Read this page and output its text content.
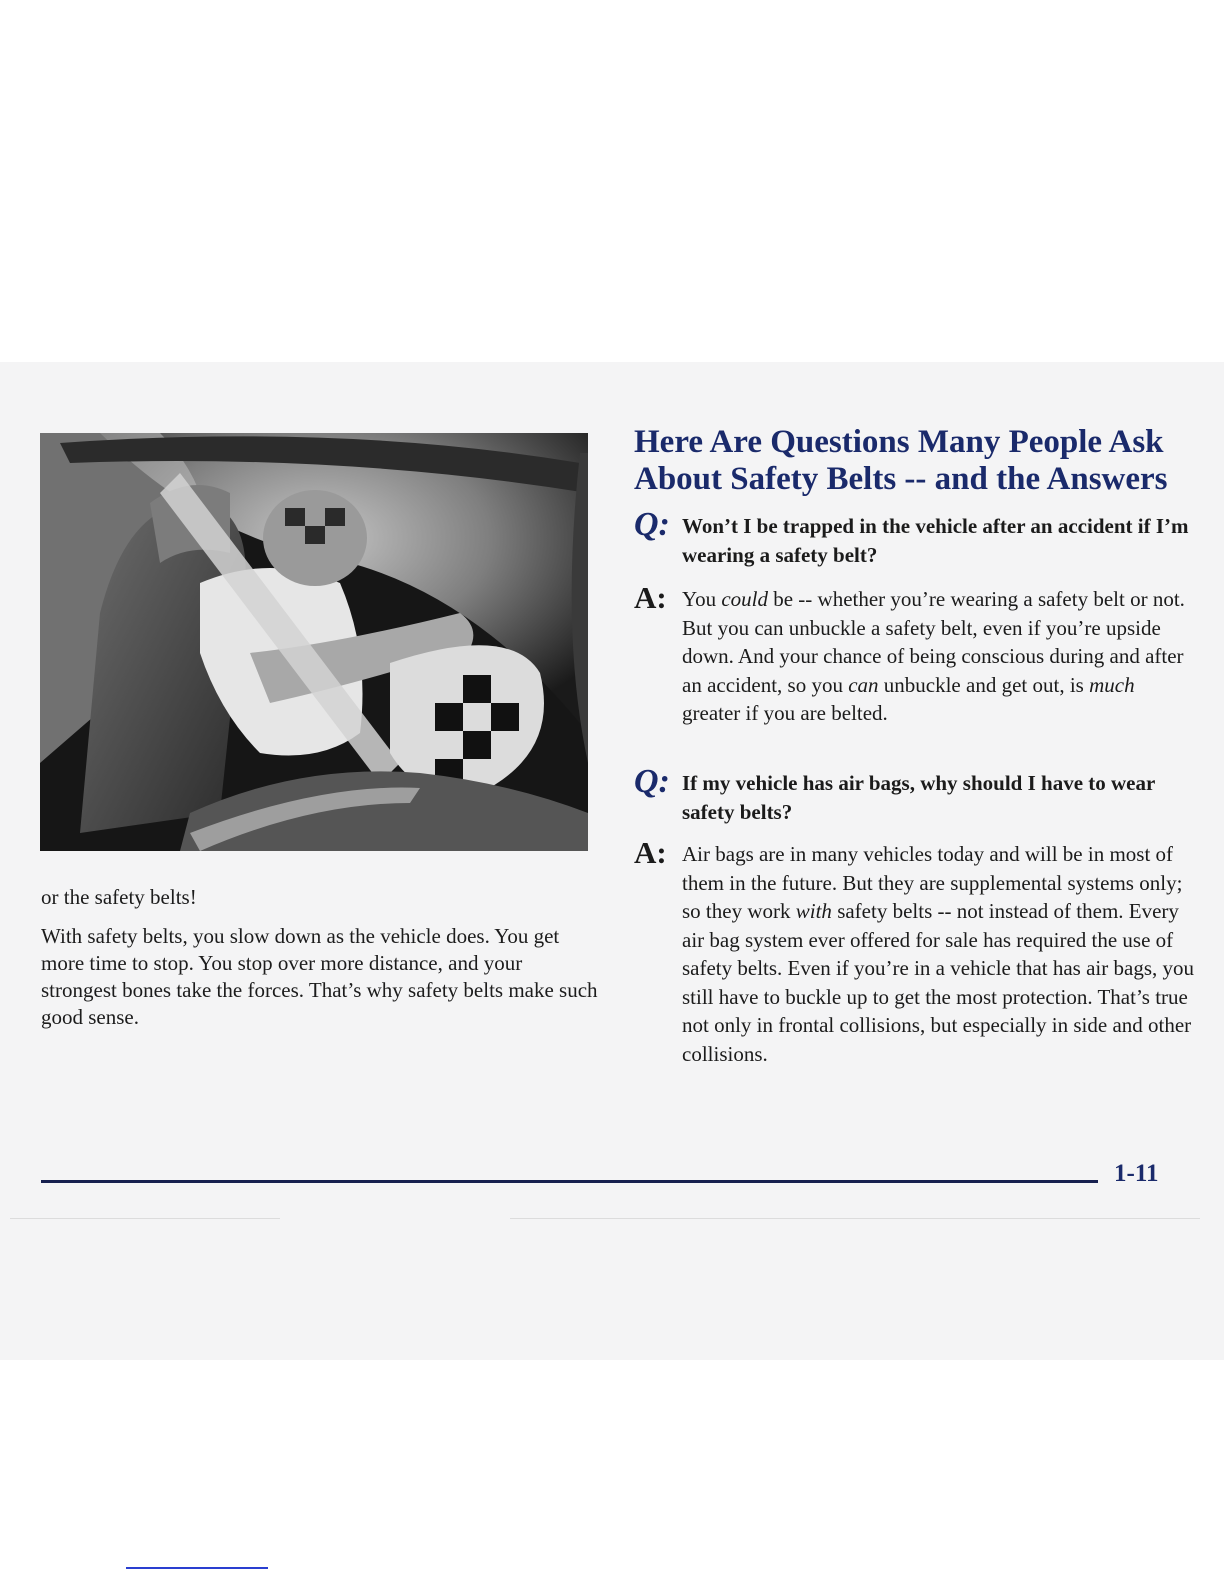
or the safety belts!

With safety belts, you slow down as the vehicle does. You get more time to stop. You stop over more distance, and your strongest bones take the forces. That’s why safety belts make such good sense.

Here Are Questions Many People Ask
About Safety Belts -- and the Answers
Q: Won’t I be trapped in the vehicle after an accident if I’m wearing a safety belt?
A: You could be -- whether you’re wearing a safety belt or not. But you can unbuckle a safety belt, even if you’re upside down. And your chance of being conscious during and after an accident, so you can unbuckle and get out, is much greater if you are belted.
Q: If my vehicle has air bags, why should I have to wear safety belts?
A: Air bags are in many vehicles today and will be in most of them in the future. But they are supplemental systems only; so they work with safety belts -- not instead of them. Every air bag system ever offered for sale has required the use of safety belts. Even if you’re in a vehicle that has air bags, you still have to buckle up to get the most protection. That’s true not only in frontal collisions, but especially in side and other collisions.
1-11
